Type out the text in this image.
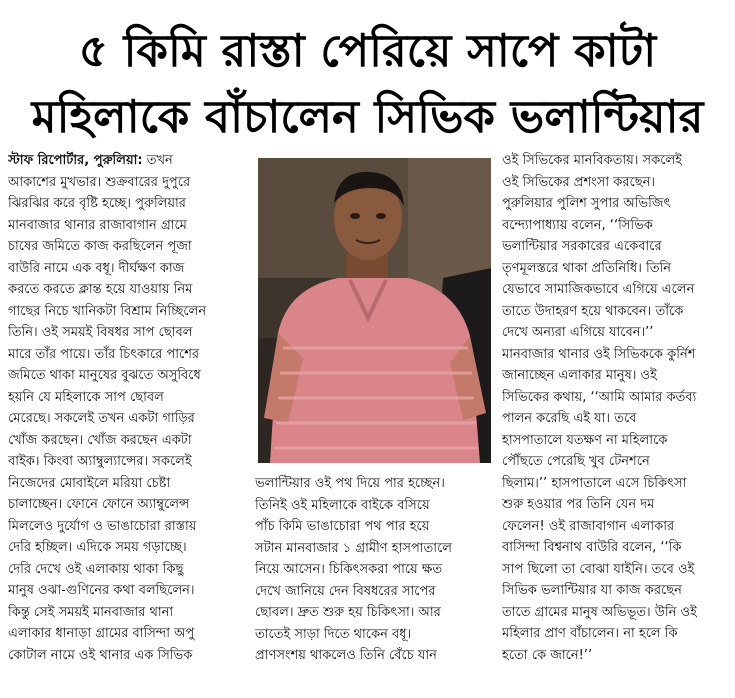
৫ কিমি রাস্তা পেরিয়ে সাপে কাটা
মহিলাকে বাঁচালেন সিভিক ভলান্টিয়ার
স্টাফ রিপোর্টার, পুরুলিয়া: তখন
আকাশের মুখভার। শুক্রবারের দুপুরে
ঝিরঝির করে বৃষ্টি হচ্ছে। পুরুলিয়ার
মানবাজার থানার রাজাবাগান গ্রামে
চাষের জমিতে কাজ করছিলেন পূজা
বাউরি নামে এক বধূ। দীর্ঘক্ষণ কাজ
করতে করতে ক্লান্ত হয়ে যাওয়ায় নিম
গাছের নিচে খানিকটা বিশ্রাম নিচ্ছিলেন
তিনি। ওই সময়ই বিষধর সাপ ছোবল
মারে তাঁর পায়ে। তাঁর চিৎকারে পাশের
জমিতে থাকা মানুষের বুঝতে অসুবিধে
হয়নি যে মহিলাকে সাপ ছোবল
মেরেছে। সকলেই তখন একটা গাড়ির
খোঁজ করছেন। খোঁজ করছেন একটা
বাইক। কিংবা অ্যাম্বুল্যান্সের। সকলেই
নিজেদের মোবাইলে মরিয়া চেষ্টা
চালাচ্ছেন। ফোনে ফোনে অ্যাম্বুলেন্স
মিললেও দুর্যোগ ও ভাঙাচোরা রাস্তায়
দেরি হচ্ছিল। এদিকে সময় গড়াচ্ছে।
দেরি দেখে ওই এলাকায় থাকা কিছু
মানুষ ওঝা-গুণিনের কথা বলছিলেন।
কিন্তু সেই সময়ই মানবাজার থানা
এলাকার ধানাড়া গ্রামের বাসিন্দা অপু
কোটাল নামে ওই থানার এক সিভিক
ভলান্টিয়ার ওই পথ দিয়ে পার হচ্ছেন।
তিনিই ওই মহিলাকে বাইকে বসিয়ে
পাঁচ কিমি ভাঙাচোরা পথ পার হয়ে
সটান মানবাজার ১ গ্রামীণ হাসপাতালে
নিয়ে আসেন। চিকিৎসকরা পায়ে ক্ষত
দেখে জানিয়ে দেন বিষধরের সাপের
ছোবল। দ্রুত শুরু হয় চিকিৎসা। আর
তাতেই সাড়া দিতে থাকেন বধূ।
প্রাণসংশয় থাকলেও তিনি বেঁচে যান
ওই সিভিকের মানবিকতায়। সকলেই
ওই সিভিকের প্রশংসা করছেন।
পুরুলিয়ার পুলিশ সুপার অভিজিৎ
বন্দ্যোপাধ্যায় বলেন, ‘‘সিভিক
ভলান্টিয়ার সরকারের একেবারে
তৃণমূলস্তরে থাকা প্রতিনিধি। তিনি
যেভাবে সামাজিকভাবে এগিয়ে এলেন
তাতে উদাহরণ হয়ে থাকবেন। তাঁকে
দেখে অন্যরা এগিয়ে যাবেন।’’
মানবাজার থানার ওই সিভিককে কুর্নিশ
জানাচ্ছেন এলাকার মানুষ। ওই
সিভিকের কথায়, ‘‘আমি আমার কর্তব্য
পালন করেছি এই যা। তবে
হাসপাতালে যতক্ষণ না মহিলাকে
পৌঁছতে পেরেছি খুব টেনশনে
ছিলাম।’’ হাসপাতালে এসে চিকিৎসা
শুরু হওয়ার পর তিনি যেন দম
ফেলেন! ওই রাজাবাগান এলাকার
বাসিন্দা বিশ্বনাথ বাউরি বলেন, ‘‘কি
সাপ ছিলো তা বোঝা যাইনি। তবে ওই
সিভিক ভলান্টিয়ার যা কাজ করছেন
তাতে গ্রামের মানুষ অভিভূত। উনি ওই
মহিলার প্রাণ বাঁচালেন। না হলে কি
হতো কে জানে!’’
